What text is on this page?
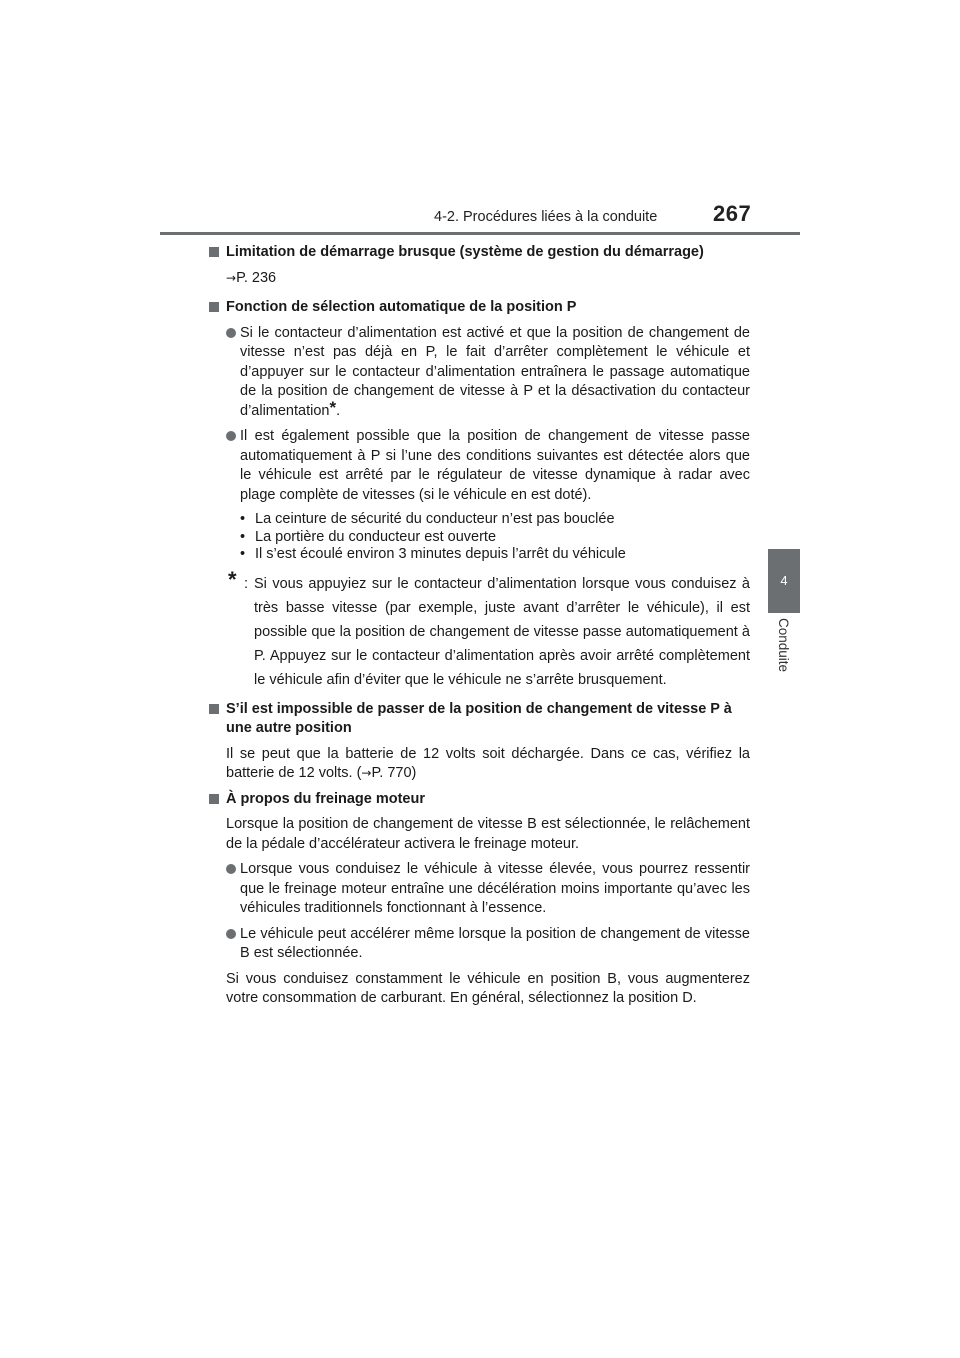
4-2. Procédures liées à la conduite	267
4
Conduite
Limitation de démarrage brusque (système de gestion du démarrage)

→P. 236

Fonction de sélection automatique de la position P
Si le contacteur d’alimentation est activé et que la position de changement de vitesse n’est pas déjà en P, le fait d’arrêter complètement le véhicule et d’appuyer sur le contacteur d’alimentation entraînera le passage automatique de la position de changement de vitesse à P et la désactivation du contacteur d’alimentation*.
Il est également possible que la position de changement de vitesse passe automatiquement à P si l’une des conditions suivantes est détectée alors que le véhicule est arrêté par le régulateur de vitesse dynamique à radar avec plage complète de vitesses (si le véhicule en est doté).
• La ceinture de sécurité du conducteur n’est pas bouclée
• La portière du conducteur est ouverte
• Il s’est écoulé environ 3 minutes depuis l’arrêt du véhicule
* : Si vous appuyiez sur le contacteur d’alimentation lorsque vous conduisez à très basse vitesse (par exemple, juste avant d’arrêter le véhicule), il est possible que la position de changement de vitesse passe automatiquement à P. Appuyez sur le contacteur d’alimentation après avoir arrêté complètement le véhicule afin d’éviter que le véhicule ne s’arrête brusquement.
S’il est impossible de passer de la position de changement de vitesse P à une autre position

Il se peut que la batterie de 12 volts soit déchargée. Dans ce cas, vérifiez la batterie de 12 volts. (→P. 770)

À propos du freinage moteur

Lorsque la position de changement de vitesse B est sélectionnée, le relâchement de la pédale d’accélérateur activera le freinage moteur.

Lorsque vous conduisez le véhicule à vitesse élevée, vous pourrez ressentir que le freinage moteur entraîne une décélération moins importante qu’avec les véhicules traditionnels fonctionnant à l’essence.
Le véhicule peut accélérer même lorsque la position de changement de vitesse B est sélectionnée.

Si vous conduisez constamment le véhicule en position B, vous augmenterez votre consommation de carburant. En général, sélectionnez la position D.
